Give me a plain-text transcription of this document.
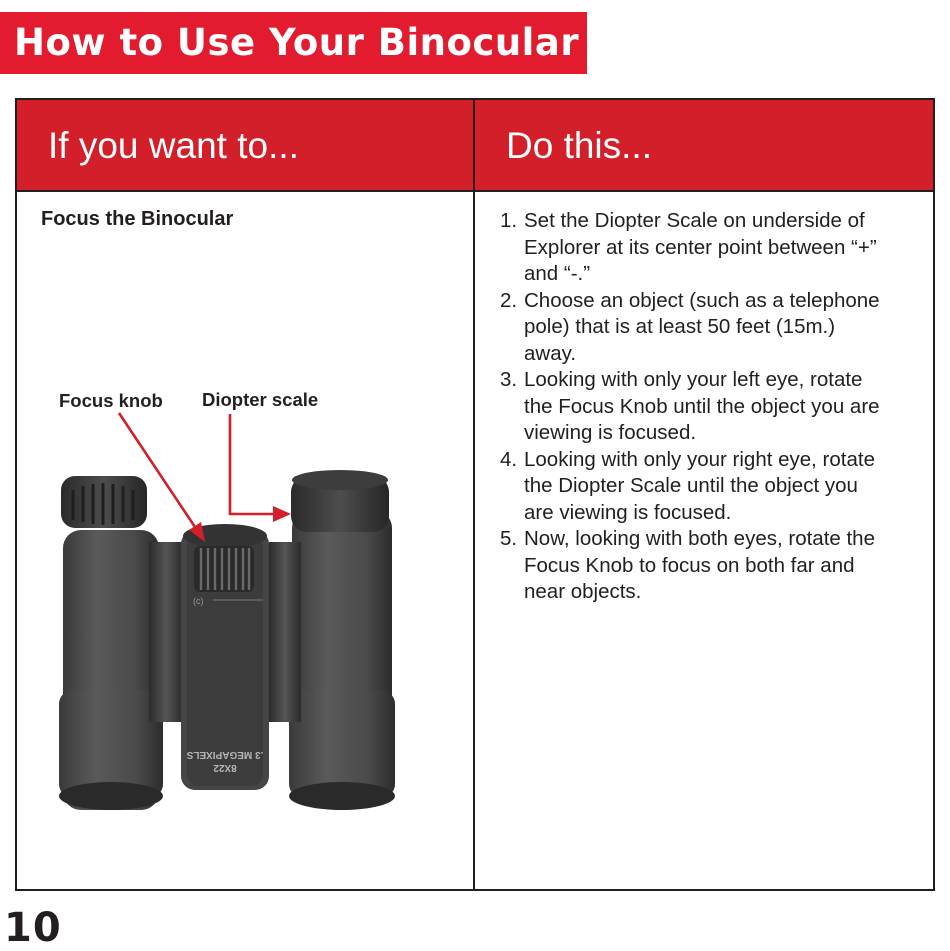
How to Use Your Binocular
If you want to...	Do this...
Focus the Binocular
Focus knob Diopter scale
(c)
8X22
.3 MEGAPIXELS
1. Set the Diopter Scale on underside of
Explorer at its center point between “+”
and “-.”
2. Choose an object (such as a telephone
pole) that is at least 50 feet (15m.)
away.
3. Looking with only your left eye, rotate
the Focus Knob until the object you are
viewing is focused.
4. Looking with only your right eye, rotate
the Diopter Scale until the object you
are viewing is focused.
5. Now, looking with both eyes, rotate the
Focus Knob to focus on both far and
near objects.
10
